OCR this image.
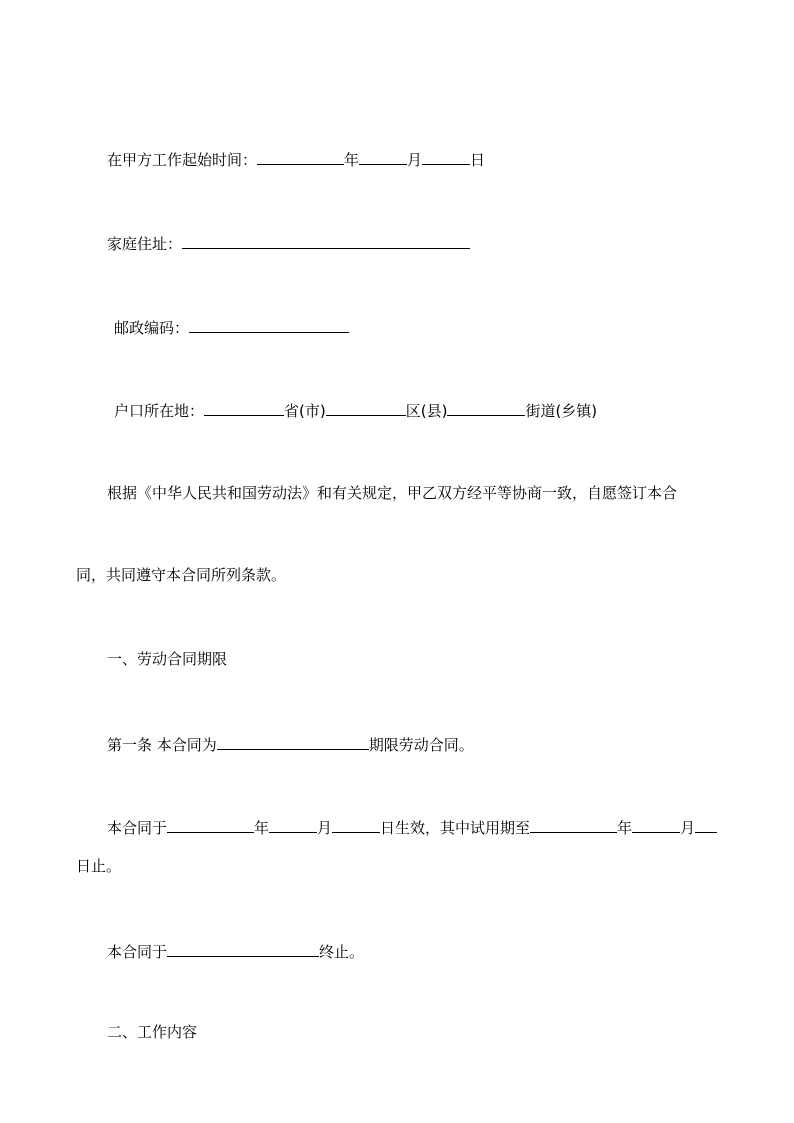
在甲方工作起始时间：	年	月	日
家庭住址：
邮政编码：
户口所在地：	省(市)	区(县)	街道(乡镇)
根据《中华人民共和国劳动法》和有关规定，甲乙双方经平等协商一致，自愿签订本合
同，共同遵守本合同所列条款。
一、劳动合同期限
第一条 本合同为	期限劳动合同。
本合同于	年	月	日生效，其中试用期至	年	月
日止。
本合同于	终止。
二、工作内容
